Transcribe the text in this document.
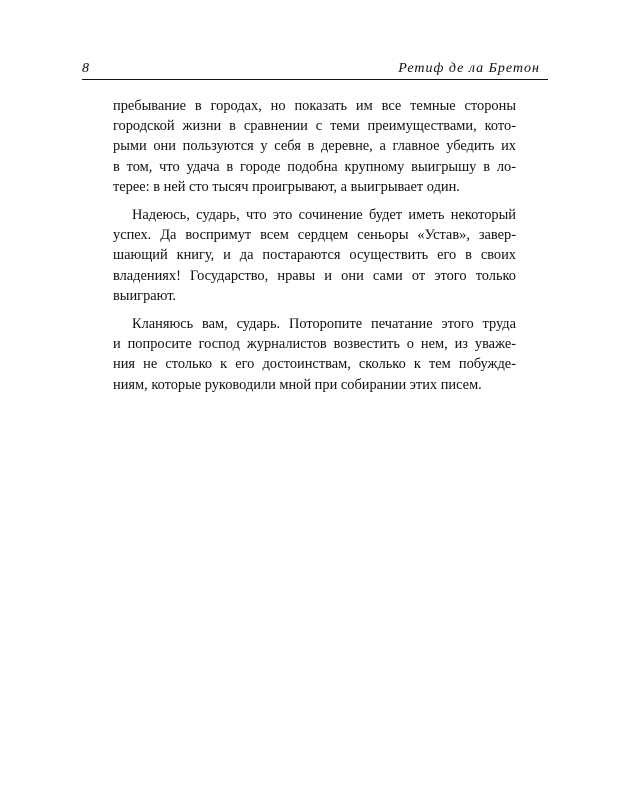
8	Ретиф де ла Бретон
пребывание в городах, но показать им все темные стороны
городской жизни в сравнении с теми преимуществами, кото-
рыми они пользуются у себя в деревне, а главное убедить их
в том, что удача в городе подобна крупному выигрышу в ло-
терее: в ней сто тысяч проигрывают, а выигрывает один.
Надеюсь, сударь, что это сочинение будет иметь некоторый
успех. Да воспримут всем сердцем сеньоры «Устав», завер-
шающий книгу, и да постараются осуществить его в своих
владениях! Государство, нравы и они сами от этого только
выиграют.
Кланяюсь вам, сударь. Поторопите печатание этого труда
и попросите господ журналистов возвестить о нем, из уваже-
ния не столько к его достоинствам, сколько к тем побужде-
ниям, которые руководили мной при собирании этих писем.
